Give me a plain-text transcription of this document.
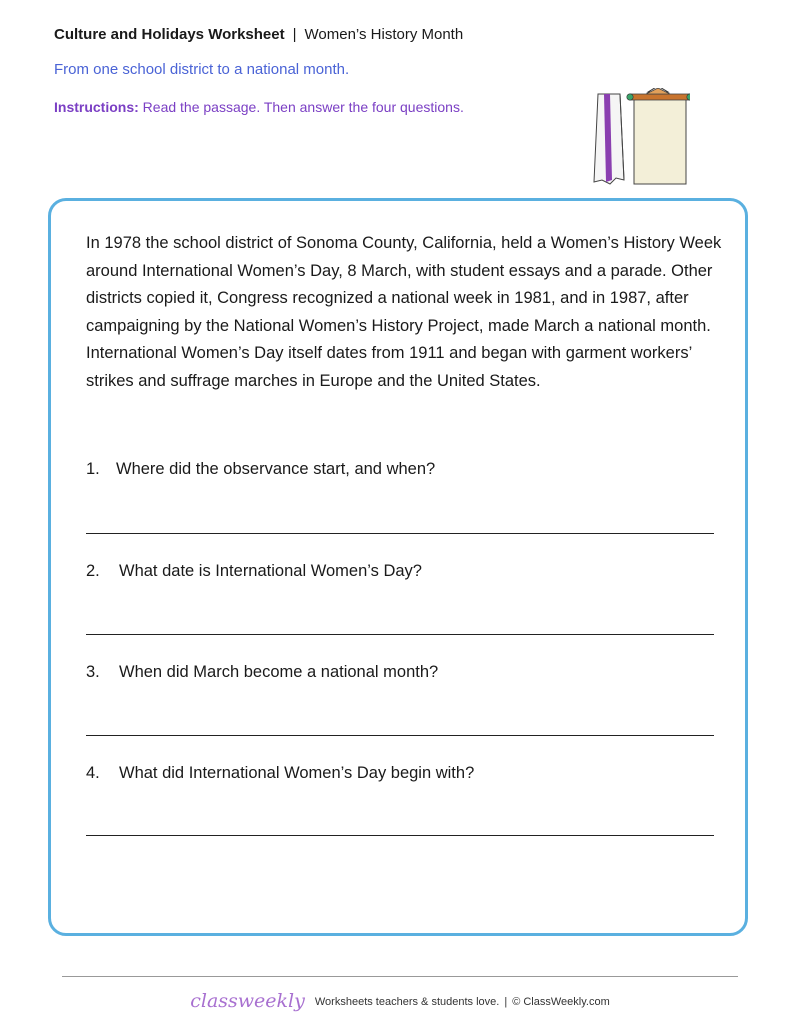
Culture and Holidays Worksheet | Women’s History Month
From one school district to a national month.
Instructions: Read the passage. Then answer the four questions.
In 1978 the school district of Sonoma County, California, held a Women’s History Week around International Women’s Day, 8 March, with student essays and a parade. Other districts copied it, Congress recognized a national week in 1981, and in 1987, after campaigning by the National Women’s History Project, made March a national month. International Women’s Day itself dates from 1911 and began with garment workers’ strikes and suffrage marches in Europe and the United States.
1. Where did the observance start, and when?
2. What date is International Women’s Day?
3. When did March become a national month?
4. What did International Women’s Day begin with?
classweekly Worksheets teachers & students love. | © ClassWeekly.com
